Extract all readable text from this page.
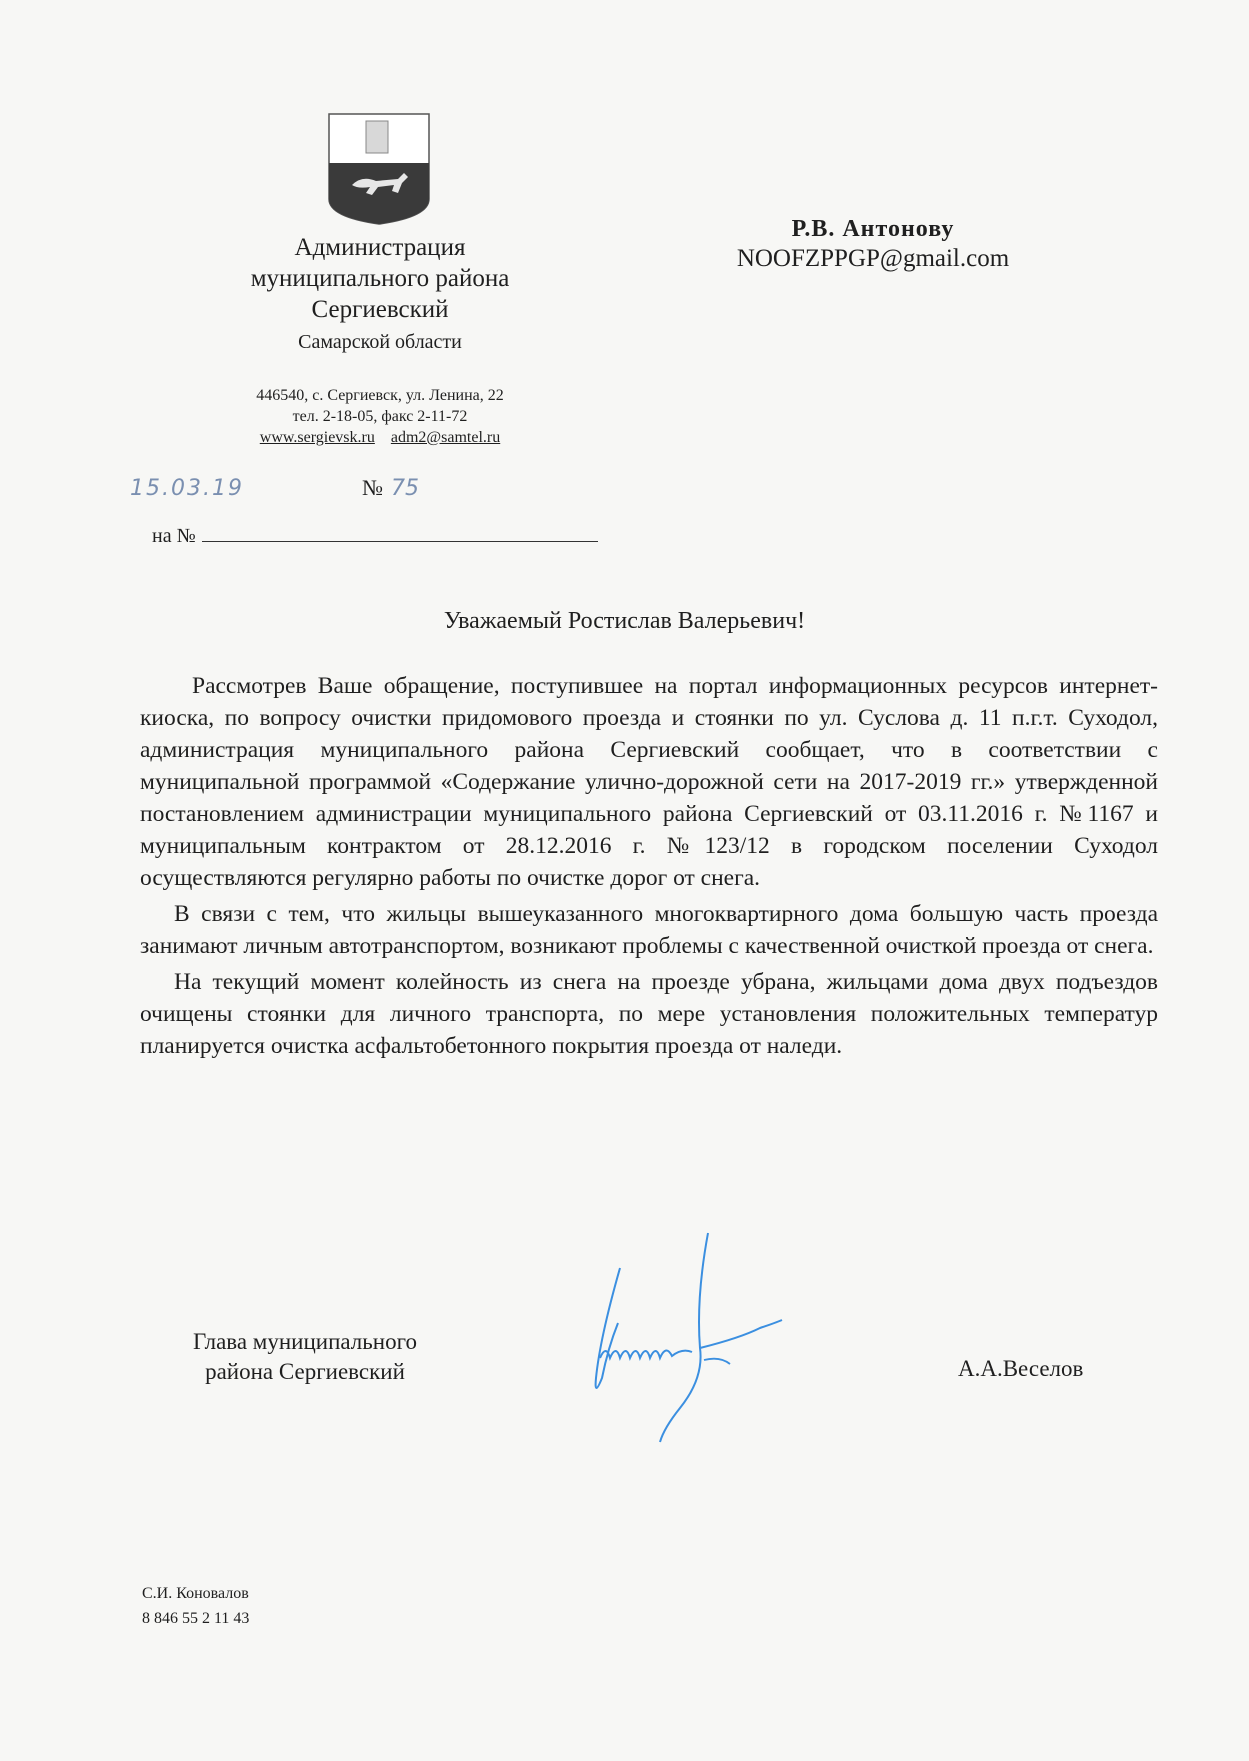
Администрация
муниципального района
Сергиевский
Самарской области
446540, с. Сергиевск, ул. Ленина, 22
тел. 2-18-05, факс 2-11-72
www.sergievsk.ru adm2@samtel.ru
15.03.19	№ 75
на №
Р.В. Антонову
NOOFZPPGP@gmail.com
Уважаемый Ростислав Валерьевич!

Рассмотрев Ваше обращение, поступившее на портал информационных ресурсов интернет-киоска, по вопросу очистки придомового проезда и стоянки по ул. Суслова д. 11 п.г.т. Суходол, администрация муниципального района Сергиевский сообщает, что в соответствии с муниципальной программой «Содержание улично-дорожной сети на 2017-2019 гг.» утвержденной постановлением администрации муниципального района Сергиевский от 03.11.2016 г. №1167 и муниципальным контрактом от 28.12.2016 г. №123/12 в городском поселении Суходол осуществляются регулярно работы по очистке дорог от снега.

В связи с тем, что жильцы вышеуказанного многоквартирного дома большую часть проезда занимают личным автотранспортом, возникают проблемы с качественной очисткой проезда от снега.

На текущий момент колейность из снега на проезде убрана, жильцами дома двух подъездов очищены стоянки для личного транспорта, по мере установления положительных температур планируется очистка асфальтобетонного покрытия проезда от наледи.

Глава муниципального
района Сергиевский	А.А.Веселов
С.И. Коновалов
8 846 55 2 11 43
